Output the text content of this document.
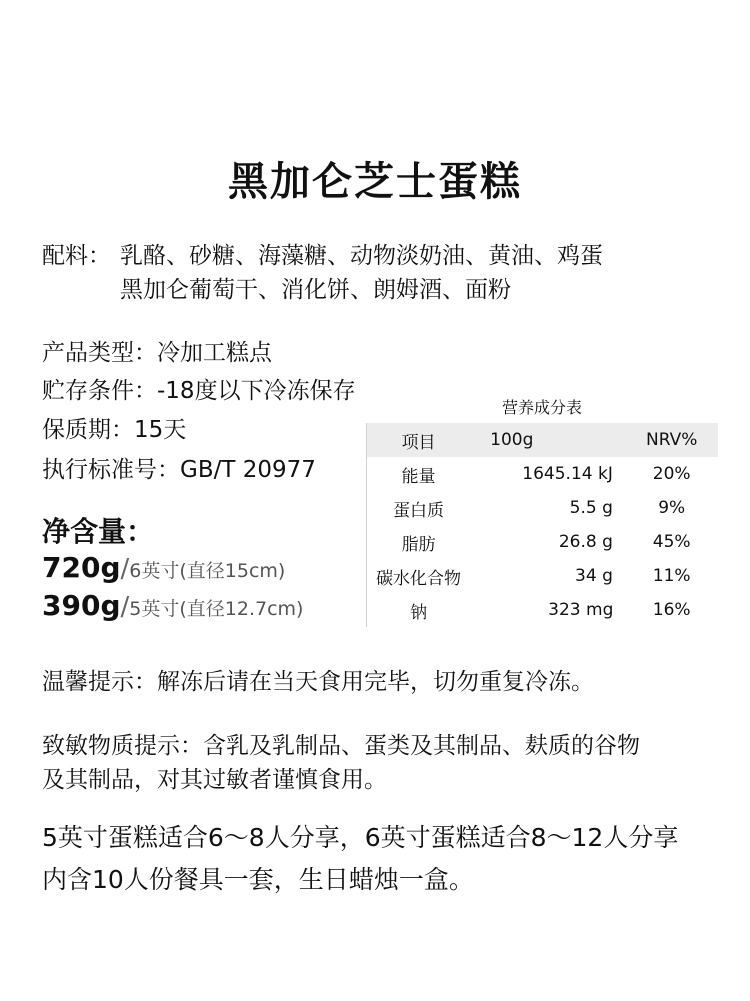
黑加仑芝士蛋糕
配料： 乳酪、砂糖、海藻糖、动物淡奶油、黄油、鸡蛋
黑加仑葡萄干、消化饼、朗姆酒、面粉
产品类型：冷加工糕点
贮存条件：-18度以下冷冻保存
保质期：15天
执行标准号：GB/T 20977
净含量：
720g/6英寸(直径15cm)
390g/5英寸(直径12.7cm)
营养成分表
项目	100g	NRV%
能量	1645.14 kJ	20%
蛋白质	5.5 g	9%
脂肪	26.8 g	45%
碳水化合物	34 g	11%
钠	323 mg	16%
温馨提示：解冻后请在当天食用完毕，切勿重复冷冻。
致敏物质提示：含乳及乳制品、蛋类及其制品、麸质的谷物
及其制品，对其过敏者谨慎食用。
5英寸蛋糕适合6～8人分享，6英寸蛋糕适合8～12人分享
内含10人份餐具一套，生日蜡烛一盒。
